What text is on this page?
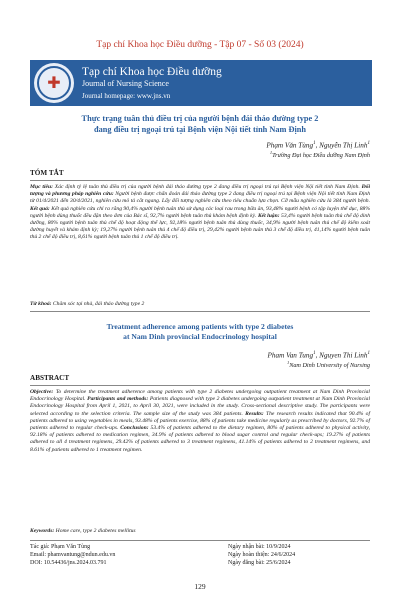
Tạp chí Khoa học Điều dưỡng - Tập 07 - Số 03 (2024)
✚
Tạp chí Khoa học Điều dưỡng
Journal of Nursing Science
Journal homepage: www.jns.vn
Thực trạng tuân thủ điều trị của người bệnh đái tháo đường type 2
đang điều trị ngoại trú tại Bệnh viện Nội tiết tỉnh Nam Định
Phạm Văn Tùng$^1$, Nguyễn Thị Linh$^1$
$^1$Trường Đại học Điều dưỡng Nam Định
TÓM TẮT
Mục tiêu: Xác định tỷ lệ tuân thủ điều trị của người bệnh đái tháo đường type 2 đang điều trị ngoại trú tại Bệnh viện Nội tiết tỉnh Nam Định. Đối tượng và phương pháp nghiên cứu: Người bệnh được chẩn đoán đái tháo đường type 2 đang điều trị ngoại trú tại Bệnh viện Nội tiết tỉnh Nam Định từ 01/4/2021 đến 30/4/2021, nghiên cứu mô tả cắt ngang. Lấy đối tượng nghiên cứu theo tiêu chuẩn lựa chọn. Cỡ mẫu nghiên cứu là 384 người bệnh. Kết quả: Kết quả nghiên cứu chỉ ra rằng 90,4% người bệnh tuân thủ sử dụng các loại rau trong bữa ăn, 93,48% người bệnh có tập luyện thể dục, 88% người bệnh dùng thuốc đều đặn theo đơn của Bác sĩ, 92,7% người bệnh tuân thủ khám bệnh định kỳ. Kết luận: 53,4% người bệnh tuân thủ chế độ dinh dưỡng, 80% người bệnh tuân thủ chế độ hoạt động thể lực, 92,18% người bệnh tuân thủ dùng thuốc, 34,9% người bệnh tuân thủ chế độ kiểm soát đường huyết và khám định kỳ; 19,27% người bệnh tuân thủ 4 chế độ điều trị, 29,42% người bệnh tuân thủ 3 chế độ điều trị, 41,14% người bệnh tuân thủ 2 chế độ điều trị, 8,61% người bệnh tuân thủ 1 chế độ điều trị.
Từ khoá: Chăm sóc tại nhà, đái tháo đường type 2
Treatment adherence among patients with type 2 diabetes
at Nam Dinh provincial Endocrinology hospital
Pham Van Tung$^1$, Nguyen Thi Linh$^1$
$^1$Nam Dinh University of Nursing
ABSTRACT
Objective: To determine the treatment adherence among patients with type 2 diabetes undergoing outpatient treatment at Nam Dinh Provincial Endocrinology Hospital. Participants and methods: Patients diagnosed with type 2 diabetes undergoing outpatient treatment at Nam Dinh Provincial Endocrinology Hospital from April 1, 2021, to April 30, 2021, were included in the study. Cross-sectional descriptive study. The participants were selected according to the selection criteria. The sample size of the study was 384 patients. Results: The research results indicated that 90.4% of patients adhered to using vegetables in meals, 93.48% of patients exercise, 88% of patients take medicine regularly as prescribed by doctors, 92.7% of patients adhered to regular check-ups. Conclusion: 53.4% of patients adhered to the dietary regimen, 80% of patients adhered to physical activity, 92.18% of patients adhered to medication regimen, 34.9% of patients adhered to blood sugar control and regular check-ups; 19.27% of patients adhered to all 4 treatment regimens, 29.42% of patients adhered to 3 treatment regimens, 41.14% of patients adhered to 2 treatment regimens, and 8.61% of patients adhered to 1 treatment regimen.
Keywords: Home care, type 2 diabetes mellitus
Tác giả: Phạm Văn Tùng
Email: phamvantung@ndun.edu.vn
DOI: 10.54436/jns.2024.03.791
Ngày nhận bài: 10/9/2024
Ngày hoàn thiện: 24/6/2024
Ngày đăng bài: 25/6/2024
129
